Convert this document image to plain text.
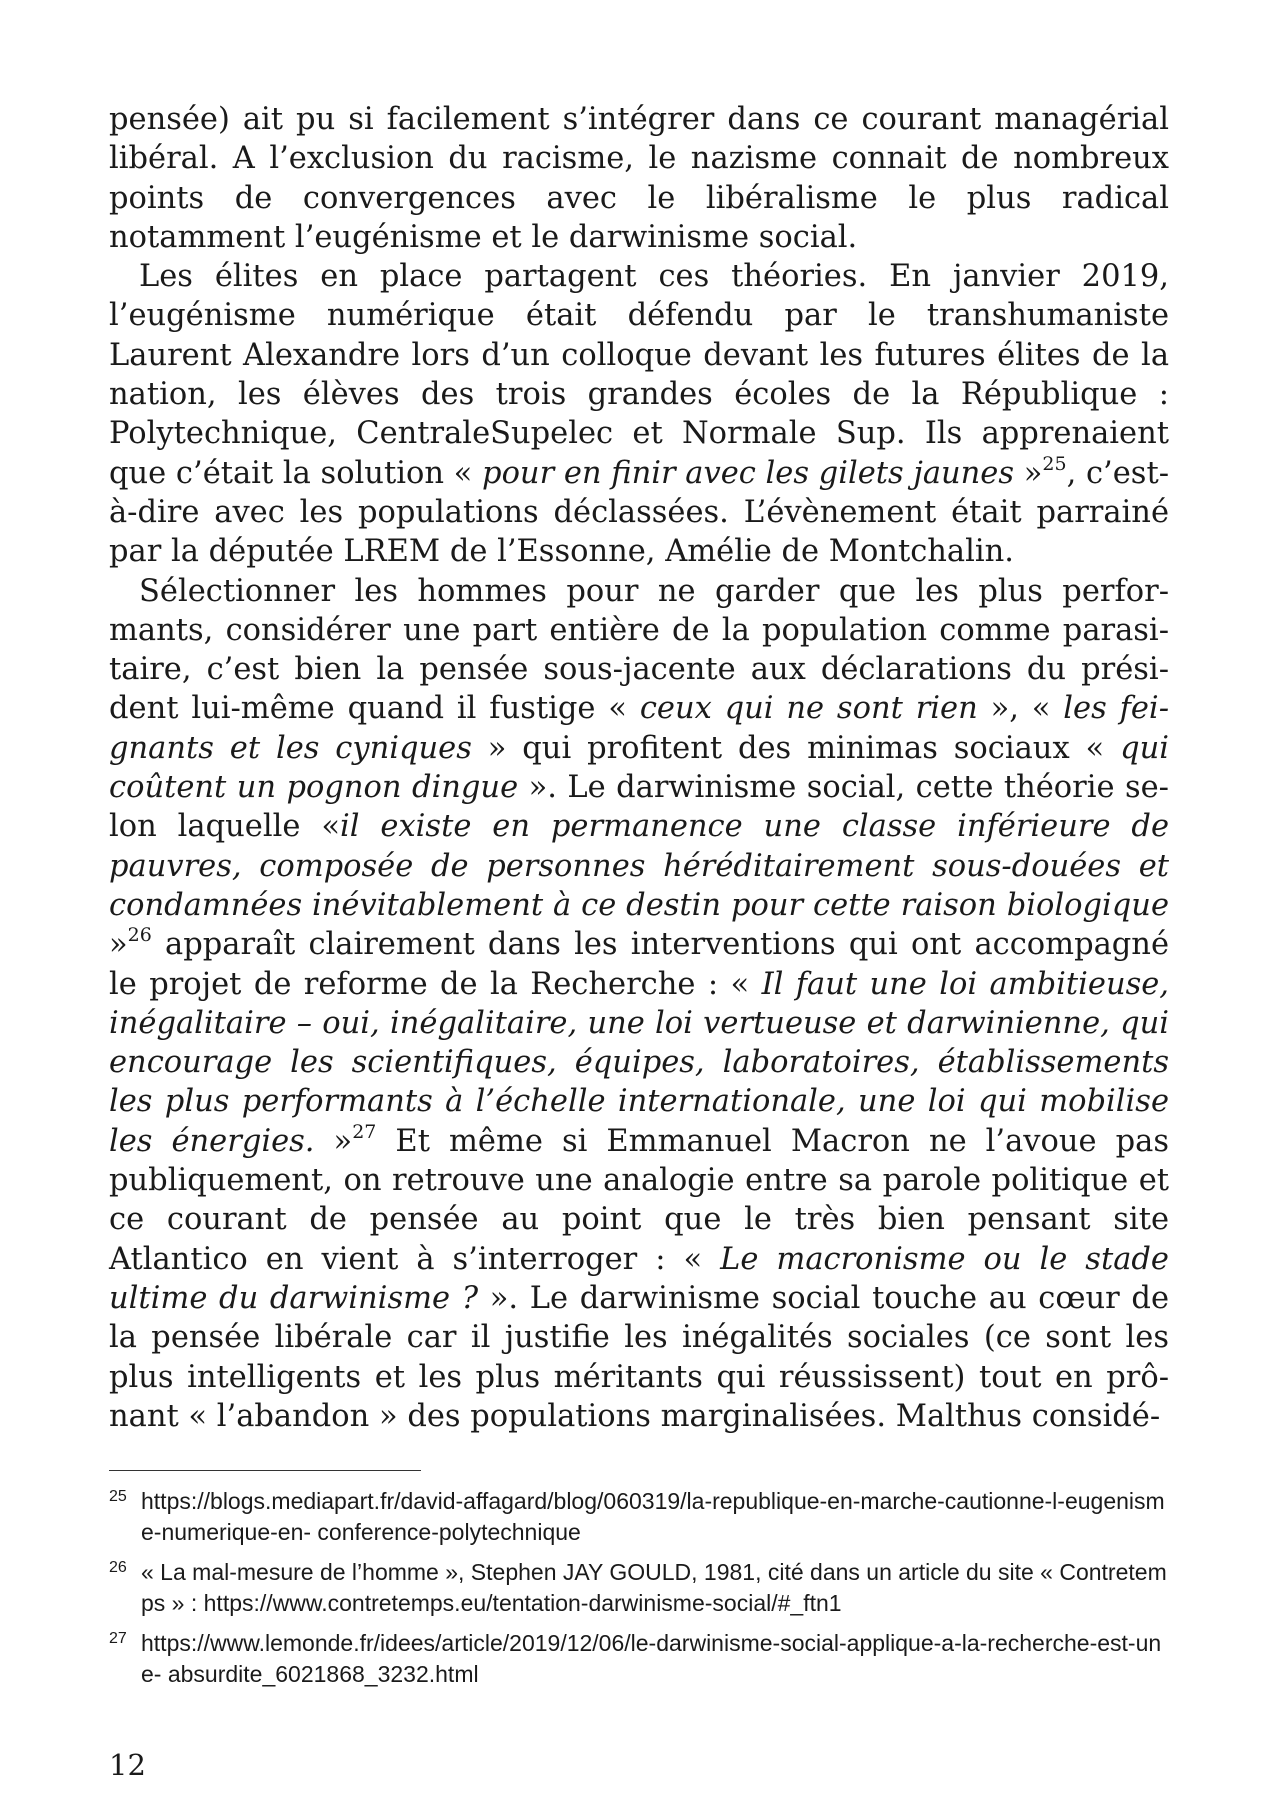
pensée) ait pu si facilement s’intégrer dans ce courant managérial libéral. A l’exclusion du racisme, le nazisme connait de nombreux points de convergences avec le libéralisme le plus radical notamment l’eugénisme et le darwinisme social.

Les élites en place partagent ces théories. En janvier 2019, l’eugénisme numérique était défendu par le transhumaniste Laurent Alexandre lors d’un colloque devant les futures élites de la nation, les élèves des trois grandes écoles de la République : Polytechnique, CentraleSupelec et Normale Sup. Ils apprenaient que c’était la solution « pour en finir avec les gilets jaunes »$^{25}$, c’est-à-dire avec les populations déclassées. L’évènement était parrainé par la députée LREM de l’Essonne, Amélie de Montchalin.

Sélectionner les hommes pour ne garder que les plus performants, considérer une part entière de la population comme parasitaire, c’est bien la pensée sous-jacente aux déclarations du président lui-même quand il fustige « ceux qui ne sont rien », « les feignants et les cyniques » qui profitent des minimas sociaux « qui coûtent un pognon dingue ». Le darwinisme social, cette théorie selon laquelle «il existe en permanence une classe inférieure de pauvres, composée de personnes héréditairement sous-douées et condamnées inévitablement à ce destin pour cette raison biologique »$^{26}$ apparaît clairement dans les interventions qui ont accompagné le projet de reforme de la Recherche : « Il faut une loi ambitieuse, inégalitaire – oui, inégalitaire, une loi vertueuse et darwinienne, qui encourage les scientifiques, équipes, laboratoires, établissements les plus performants à l’échelle internationale, une loi qui mobilise les énergies. »$^{27}$ Et même si Emmanuel Macron ne l’avoue pas publiquement, on retrouve une analogie entre sa parole politique et ce courant de pensée au point que le très bien pensant site Atlantico en vient à s’interroger : « Le macronisme ou le stade ultime du darwinisme ? ». Le darwinisme social touche au cœur de la pensée libérale car il justifie les inégalités sociales (ce sont les plus intelligents et les plus méritants qui réussissent) tout en prônant « l’abandon » des populations marginalisées. Malthus considé-

25 https://blogs.mediapart.fr/david-affagard/blog/060319/la-republique-en-marche-cautionne-l-eugenisme-numerique-en- conference-polytechnique
26 « La mal-mesure de l’homme », Stephen JAY GOULD, 1981, cité dans un article du site « Contretemps » : https://www.contretemps.eu/tentation-darwinisme-social/#_ftn1
27 https://www.lemonde.fr/idees/article/2019/12/06/le-darwinisme-social-applique-a-la-recherche-est-une- absurdite_6021868_3232.html
12
